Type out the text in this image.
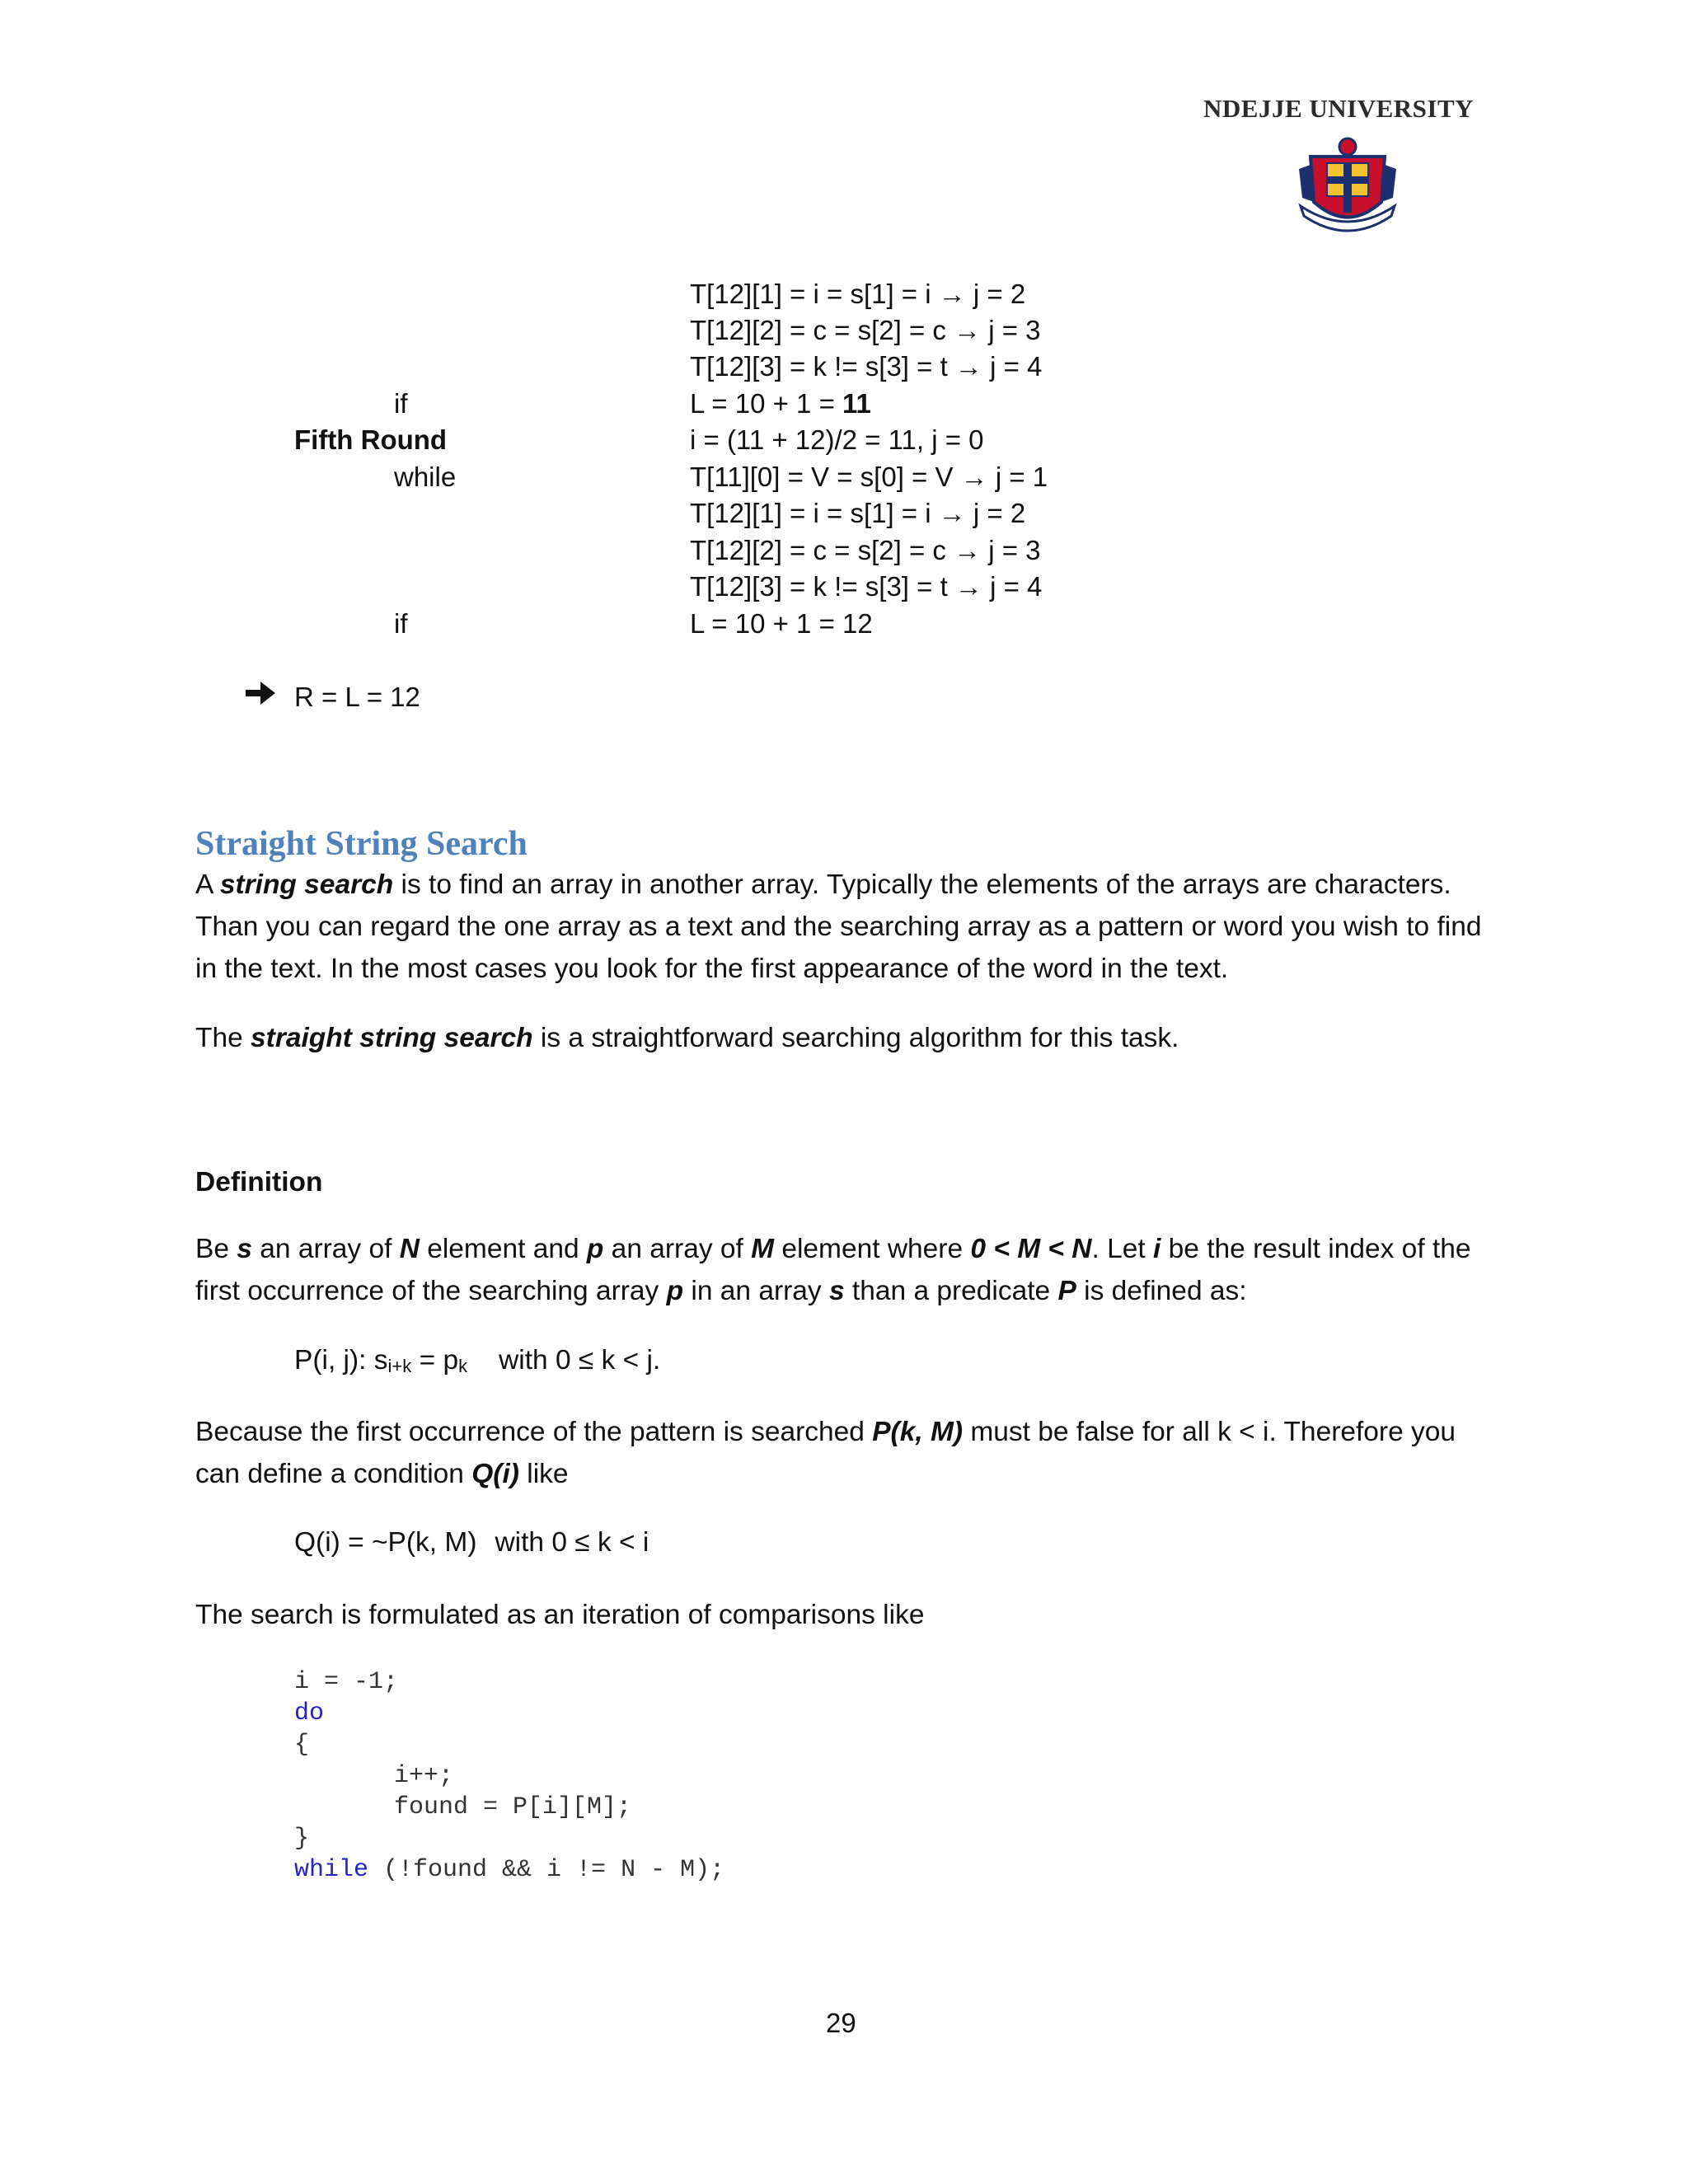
NDEJJE UNIVERSITY
T[12][1] = i = s[1] = i → j = 2
T[12][2] = c = s[2] = c → j = 3
T[12][3] = k != s[3] = t → j = 4
if	L = 10 + 1 = 11
Fifth Round	i = (11 + 12)/2 = 11, j = 0
while	T[11][0] = V = s[0] = V → j = 1
T[12][1] = i = s[1] = i → j = 2
T[12][2] = c = s[2] = c → j = 3
T[12][3] = k != s[3] = t → j = 4
if	L = 10 + 1 = 12
R = L = 12
Straight String Search
A string search is to find an array in another array. Typically the elements of the arrays are characters. Than you can regard the one array as a text and the searching array as a pattern or word you wish to find in the text. In the most cases you look for the first appearance of the word in the text.
The straight string search is a straightforward searching algorithm for this task.
Definition
Be s an array of N element and p an array of M element where 0 < M < N. Let i be the result index of the first occurrence of the searching array p in an array s than a predicate P is defined as:
P(i, j): $s_{i+k} = p_k$ with 0 ≤ k < j.
Because the first occurrence of the pattern is searched P(k, M) must be false for all k < i. Therefore you can define a condition Q(i) like
Q(i) = ~P(k, M) with 0 ≤ k < i
The search is formulated as an iteration of comparisons like
i = -1;
do
{
i++;
found = P[i][M];
}
while (!found && i != N - M);
29
